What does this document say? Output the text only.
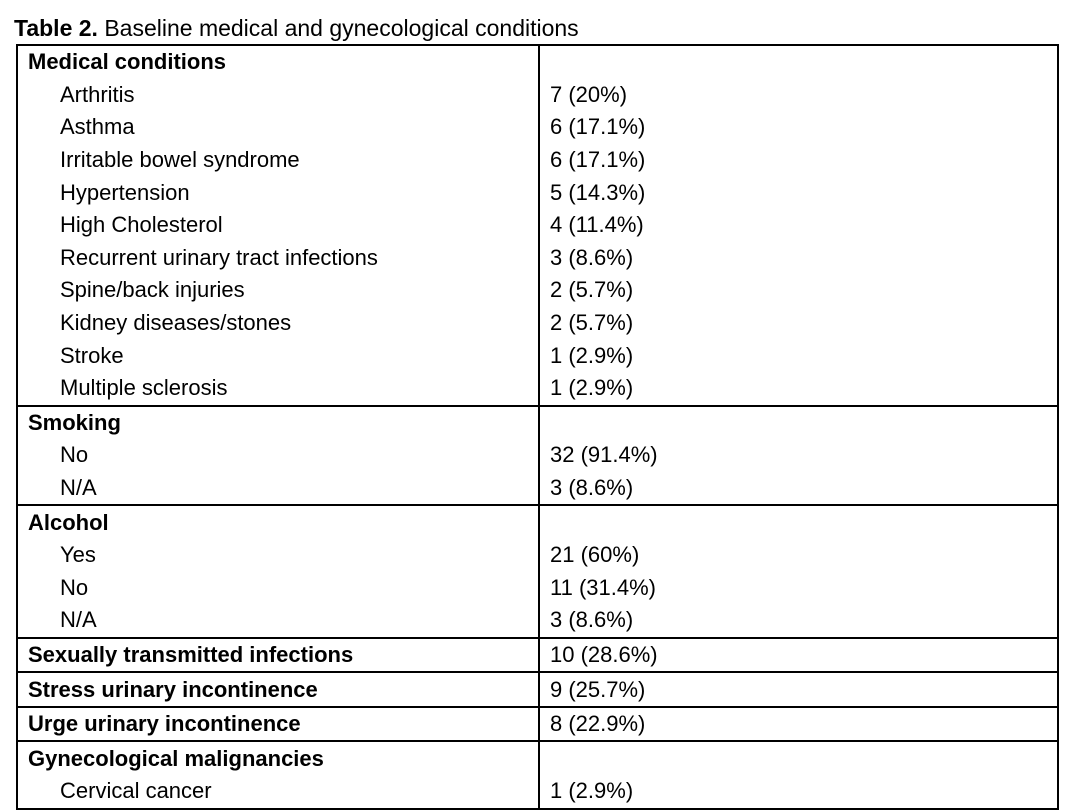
Table 2. Baseline medical and gynecological conditions
Medical conditions	
Arthritis	7 (20%)
Asthma	6 (17.1%)
Irritable bowel syndrome	6 (17.1%)
Hypertension	5 (14.3%)
High Cholesterol	4 (11.4%)
Recurrent urinary tract infections	3 (8.6%)
Spine/back injuries	2 (5.7%)
Kidney diseases/stones	2 (5.7%)
Stroke	1 (2.9%)
Multiple sclerosis	1 (2.9%)
Smoking	
No	32 (91.4%)
N/A	3 (8.6%)
Alcohol	
Yes	21 (60%)
No	11 (31.4%)
N/A	3 (8.6%)
Sexually transmitted infections	10 (28.6%)
Stress urinary incontinence	9 (25.7%)
Urge urinary incontinence	8 (22.9%)
Gynecological malignancies	
Cervical cancer	1 (2.9%)
